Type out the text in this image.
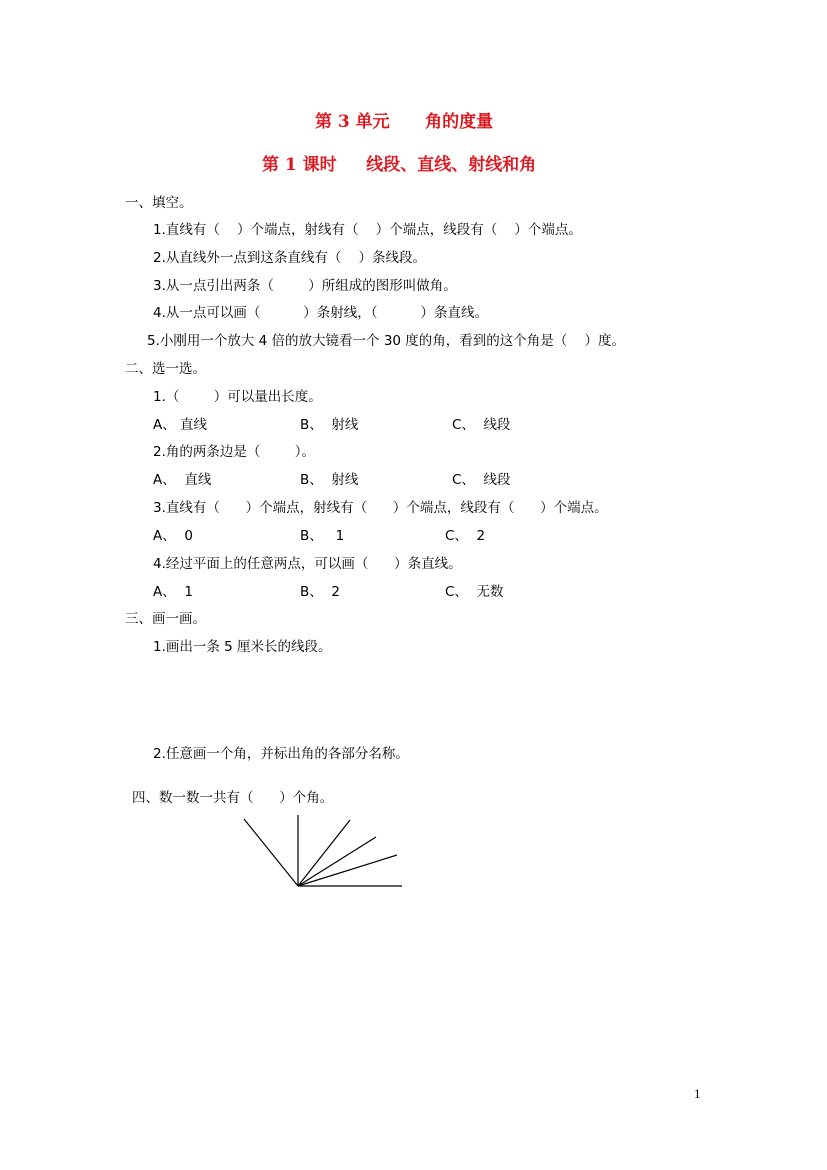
第 3 单元      角的度量
第 1 课时     线段、直线、射线和角
一、填空。
1.直线有（    ）个端点，射线有（    ）个端点，线段有（    ）个端点。
2.从直线外一点到这条直线有（    ）条线段。
3.从一点引出两条（        ）所组成的图形叫做角。
4.从一点可以画（          ）条射线，（          ）条直线。
5.小刚用一个放大 4 倍的放大镜看一个 30 度的角，看到的这个角是（    ）度。
二、选一选。
1.（        ）可以量出长度。
A、 直线	B、  射线	C、  线段
2.角的两条边是（        ）。
A、  直线	B、  射线	C、  线段
3.直线有（      ）个端点，射线有（      ）个端点，线段有（      ）个端点。
A、  0	B、   1	C、  2
4.经过平面上的任意两点，可以画（      ）条直线。
A、  1	B、  2	C、  无数
三、画一画。
1.画出一条 5 厘米长的线段。
2.任意画一个角，并标出角的各部分名称。
四、数一数一共有（      ）个角。
1
